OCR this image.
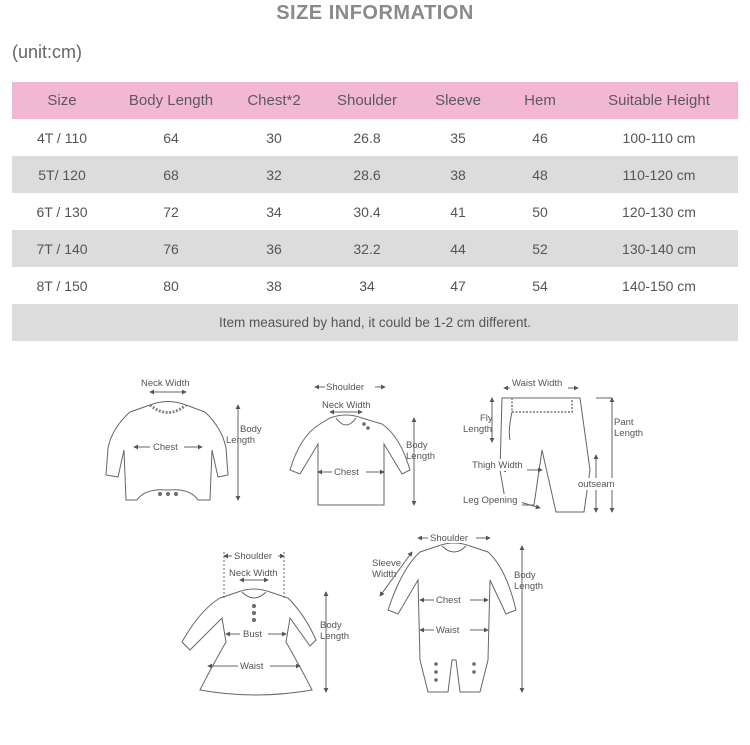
SIZE INFORMATION
(unit:cm)
Size	Body Length	Chest*2	Shoulder	Sleeve	Hem	Suitable Height
4T / 110	64	30	26.8	35	46	100-110 cm
5T/ 120	68	32	28.6	38	48	110-120 cm
6T / 130	72	34	30.4	41	50	120-130 cm
7T / 140	76	36	32.2	44	52	130-140 cm
8T / 150	80	38	34	47	54	140-150 cm
Item measured by hand, it could be 1-2 cm different.						
Neck Width
Chest
Body
Length
Shoulder
Neck Width
Chest
Body
Length
Waist Width
Fly
Length
Thigh Width
Leg Opening
outseam
Pant
Length
Shoulder
Neck Width
Bust
Waist
Body
Length
Shoulder
Sleeve
Width
Chest
Waist
Body
Length
